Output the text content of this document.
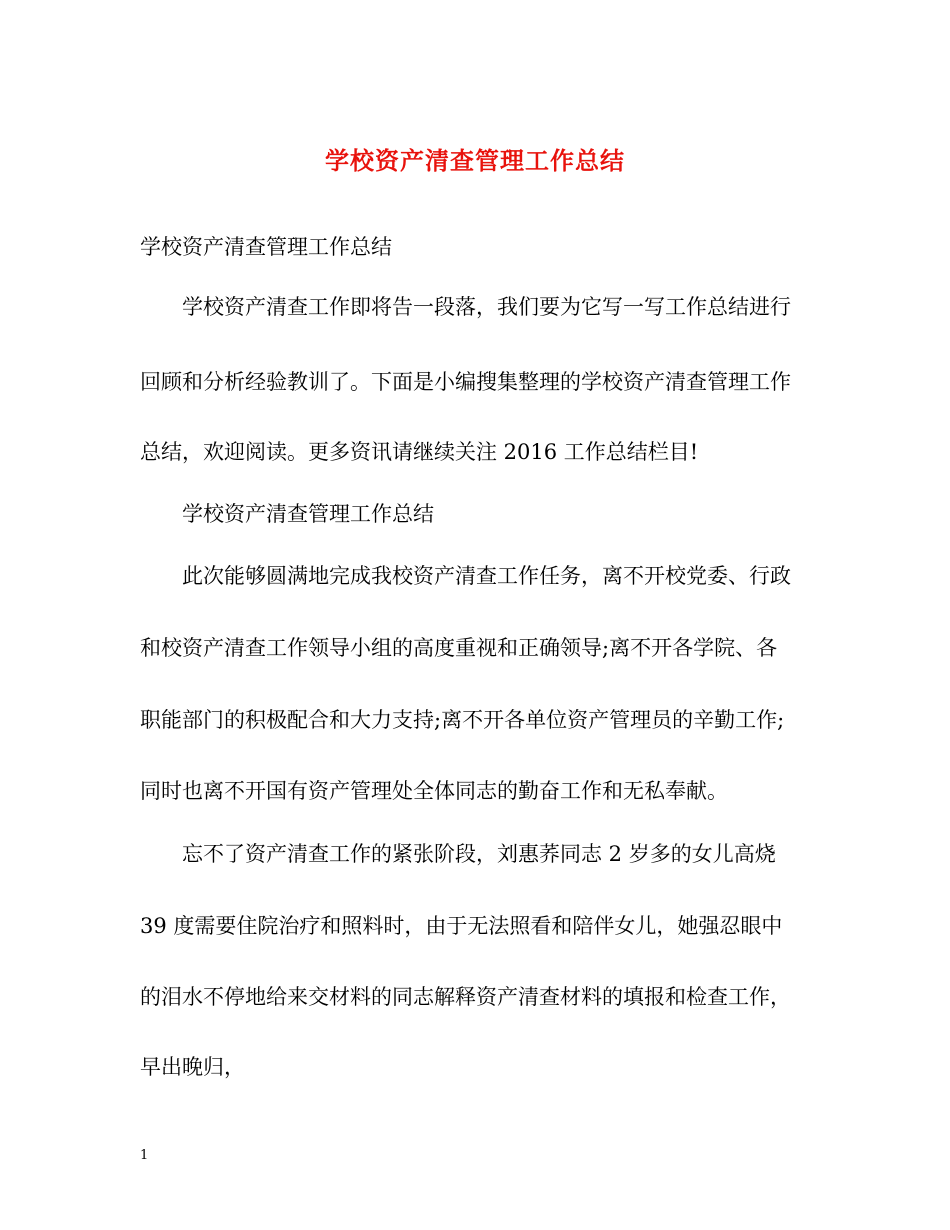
学校资产清查管理工作总结
学校资产清查管理工作总结
学校资产清查工作即将告一段落，我们要为它写一写工作总结进行
回顾和分析经验教训了。下面是小编搜集整理的学校资产清查管理工作
总结，欢迎阅读。更多资讯请继续关注 2016 工作总结栏目!
学校资产清查管理工作总结
此次能够圆满地完成我校资产清查工作任务，离不开校党委、行政
和校资产清查工作领导小组的高度重视和正确领导;离不开各学院、各
职能部门的积极配合和大力支持;离不开各单位资产管理员的辛勤工作;
同时也离不开国有资产管理处全体同志的勤奋工作和无私奉献。
忘不了资产清查工作的紧张阶段，刘惠荞同志 2 岁多的女儿高烧
39 度需要住院治疗和照料时，由于无法照看和陪伴女儿，她强忍眼中
的泪水不停地给来交材料的同志解释资产清查材料的填报和检查工作，
早出晚归，
1
